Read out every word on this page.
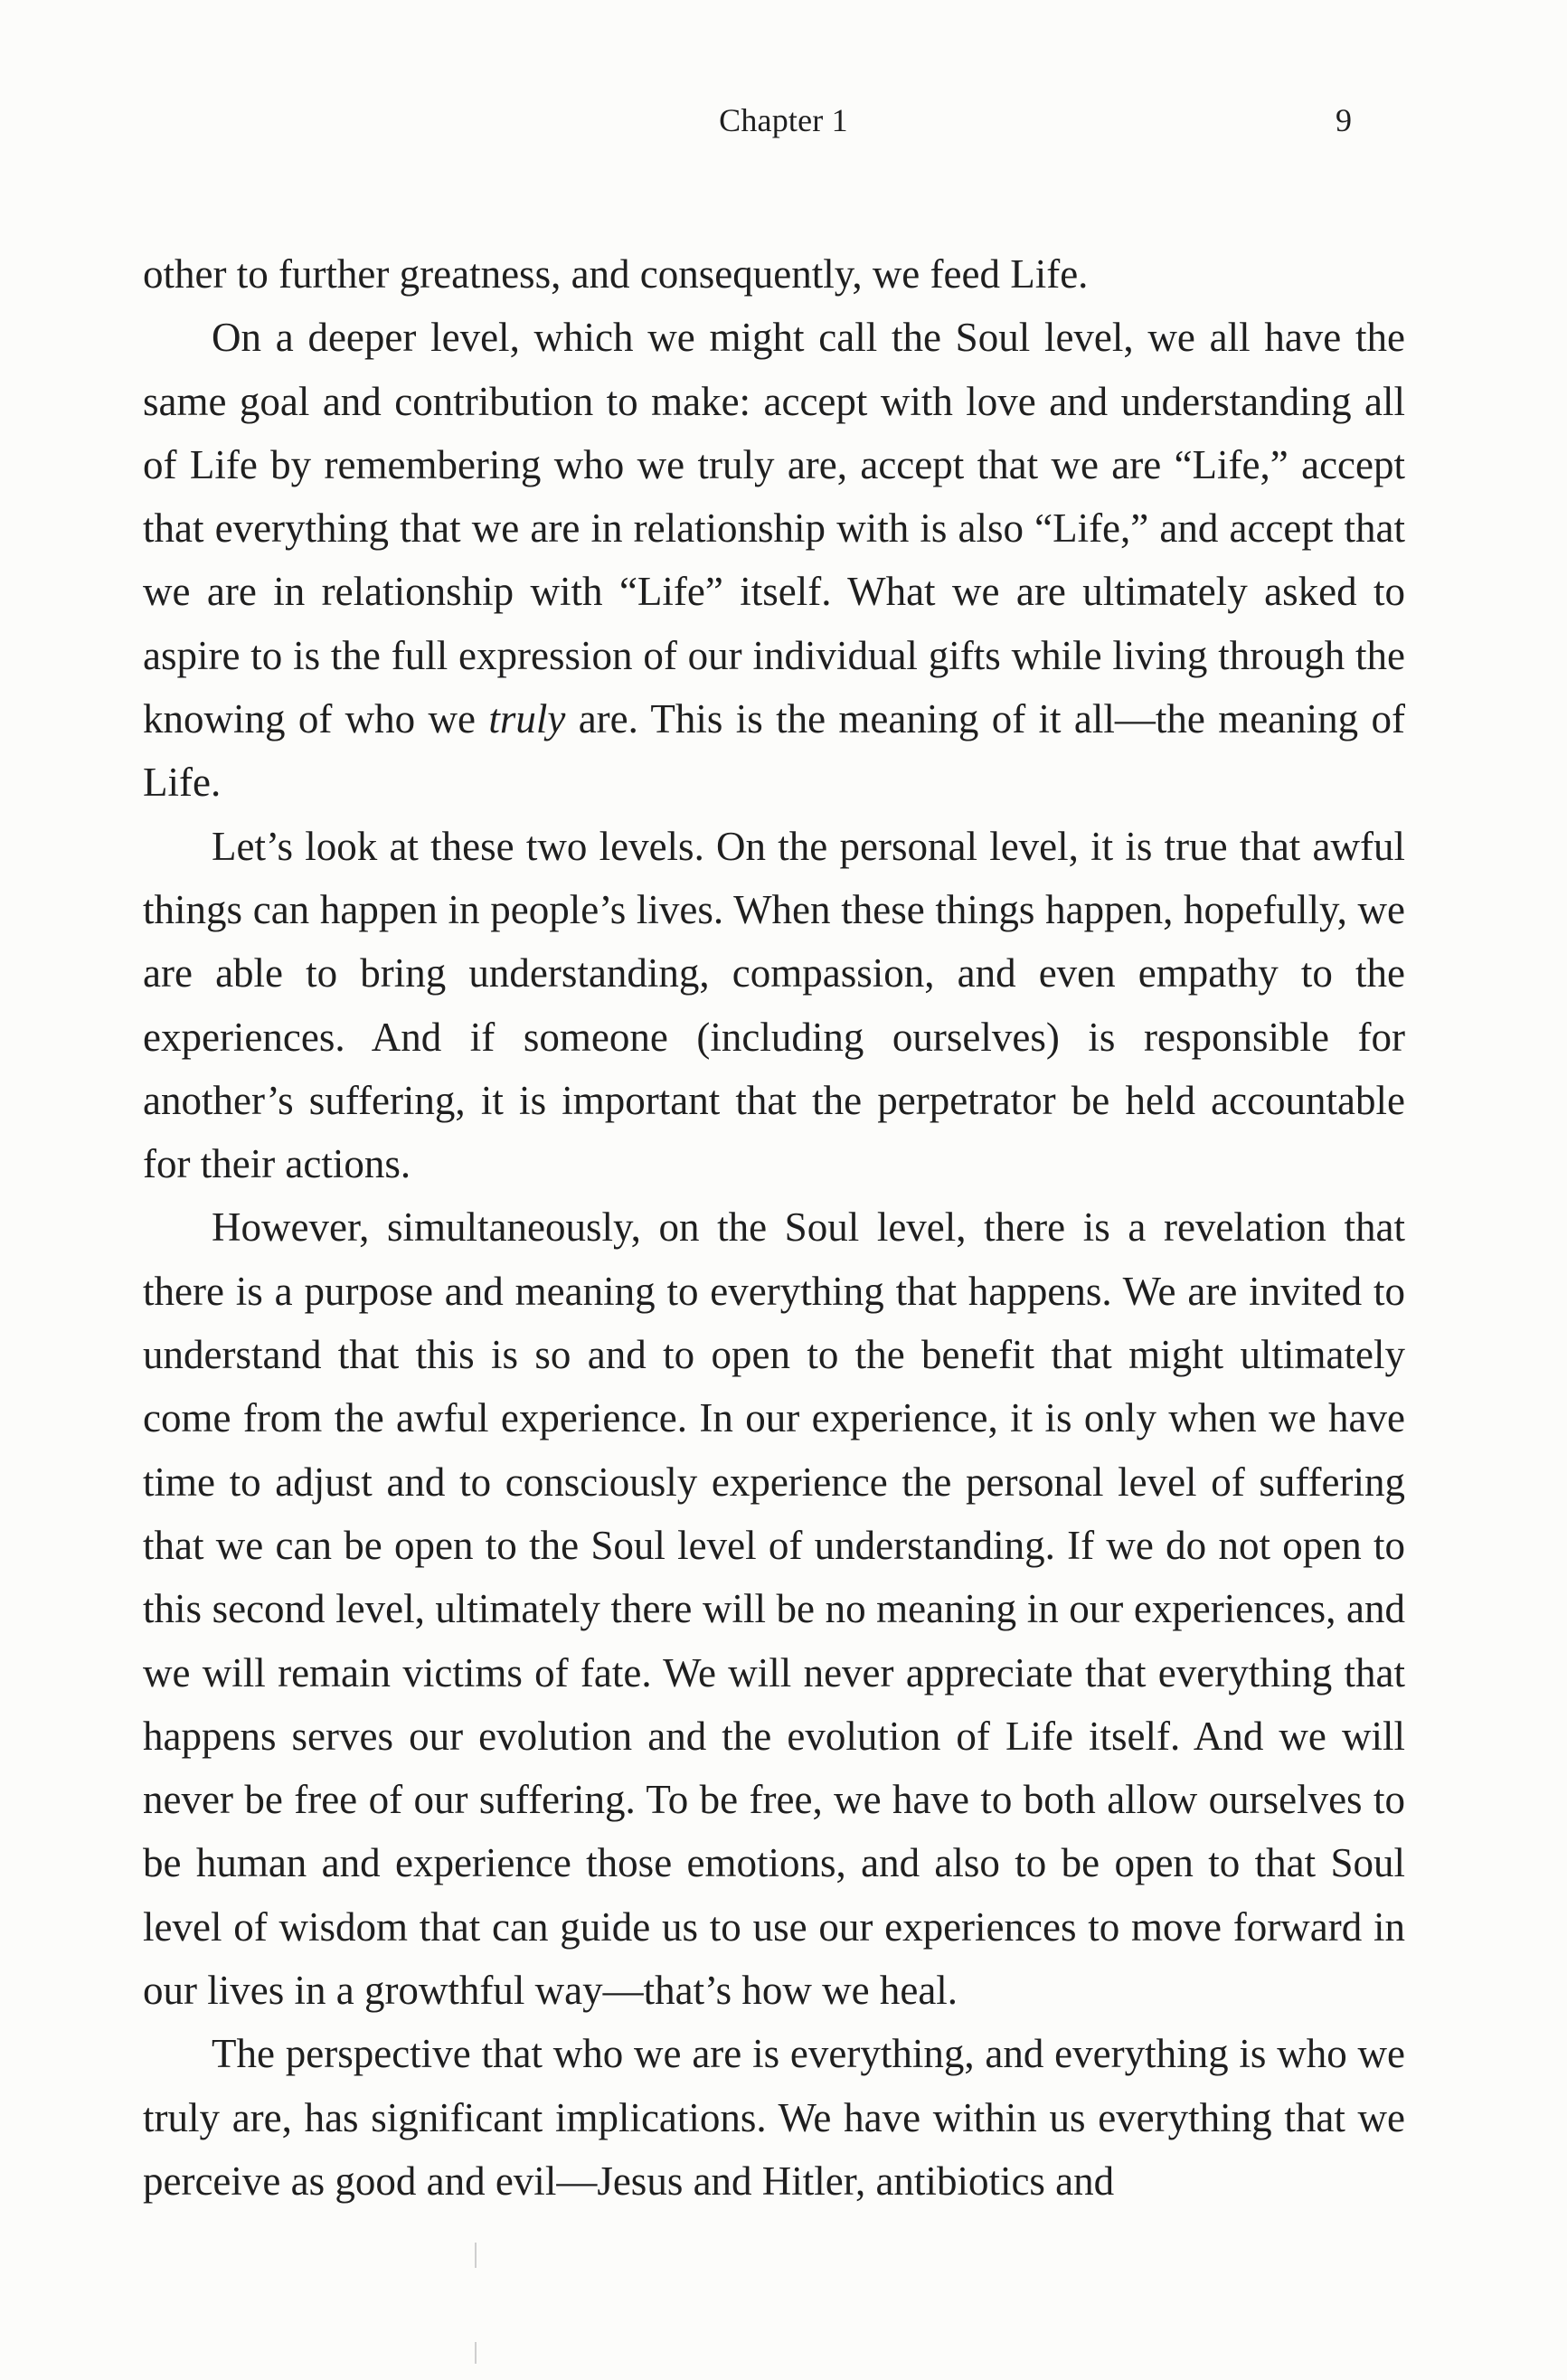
Chapter 1	9

other to further greatness, and consequently, we feed Life.

On a deeper level, which we might call the Soul level, we all have the same goal and contribution to make: accept with love and understanding all of Life by remembering who we truly are, accept that we are “Life,” accept that everything that we are in relationship with is also “Life,” and accept that we are in relationship with “Life” itself. What we are ultimately asked to aspire to is the full expression of our individual gifts while living through the knowing of who we truly are. This is the meaning of it all—the meaning of Life.

Let’s look at these two levels. On the personal level, it is true that awful things can happen in people’s lives. When these things happen, hopefully, we are able to bring understanding, compassion, and even empathy to the experiences. And if someone (including ourselves) is responsible for another’s suffering, it is important that the perpetrator be held accountable for their actions.

However, simultaneously, on the Soul level, there is a revelation that there is a purpose and meaning to everything that happens. We are invited to understand that this is so and to open to the benefit that might ultimately come from the awful experience. In our experience, it is only when we have time to adjust and to consciously experience the personal level of suffering that we can be open to the Soul level of understanding. If we do not open to this second level, ultimately there will be no meaning in our experiences, and we will remain victims of fate. We will never appreciate that everything that happens serves our evolution and the evolution of Life itself. And we will never be free of our suffering. To be free, we have to both allow ourselves to be human and experience those emotions, and also to be open to that Soul level of wisdom that can guide us to use our experiences to move forward in our lives in a growthful way—that’s how we heal.

The perspective that who we are is everything, and everything is who we truly are, has significant implications. We have within us everything that we perceive as good and evil—Jesus and Hitler, antibiotics and
